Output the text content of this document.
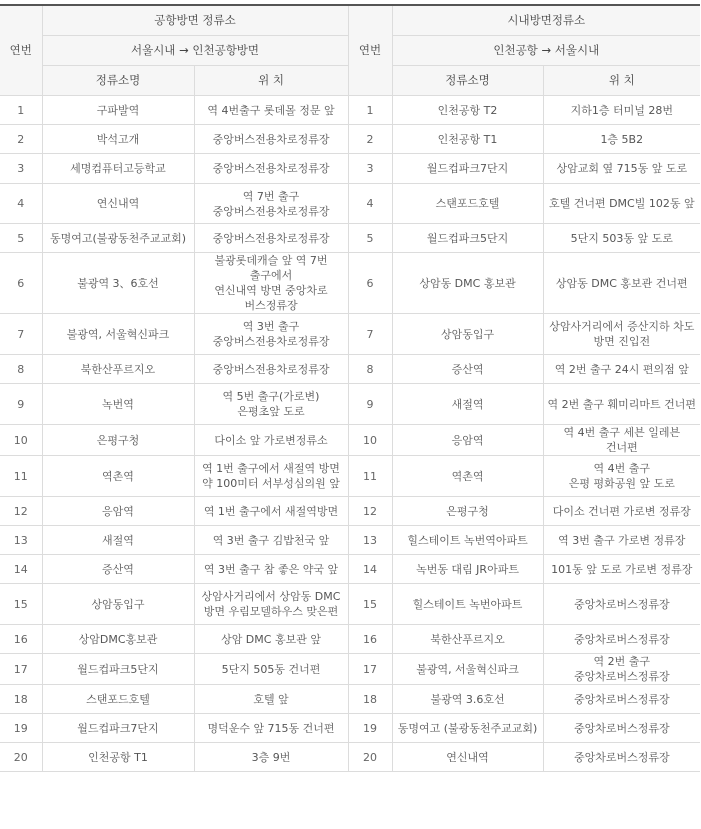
연번	공항방면 정류소		연번	시내방면정류소	
	서울시내 → 인천공항방면			인천공항 → 서울시내	
	정류소명	위 치		정류소명	위 치
1	구파발역	역 4번출구 롯데몰 정문 앞	1	인천공항 T2	지하1층 터미널 28번

2	박석고개	중앙버스전용차로정류장	2	인천공항 T1	1층 5B2

3	세명컴퓨터고등학교	중앙버스전용차로정류장	3	월드컵파크7단지	상암교회 옆 715동 앞 도로

4	연신내역	역 7번 출구
중앙버스전용차로정류장	4	스탠포드호텔	호텔 건너편 DMC빌 102동 앞

5	동명여고(불광동천주교교회)	중앙버스전용차로정류장	5	월드컵파크5단지	5단지 503동 앞 도로

6	불광역 3、6호선	불광롯데캐슬 앞 역 7번 출구에서
연신내역 방면 중앙차로
버스정류장	6	상암동 DMC 홍보관	상암동 DMC 홍보관 건너편

7	불광역, 서울혁신파크	역 3번 출구
중앙버스전용차로정류장	7	상암동입구	상암사거리에서 증산지하 차도
방면 진입전

8	북한산푸르지오	중앙버스전용차로정류장	8	증산역	역 2번 출구 24시 편의점 앞

9	녹번역	역 5번 출구(가로변)
은평초앞 도로	9	새절역	역 2번 출구 훼미리마트 건너편

10	은평구청	다이소 앞 가로변정류소	10	응암역	역 4번 출구 세븐 일레븐 건너편

11	역촌역	역 1번 출구에서 새절역 방면
약 100미터 서부성심의원 앞	11	역촌역	역 4번 출구
은평 평화공원 앞 도로

12	응암역	역 1번 출구에서 새절역방면	12	은평구청	다이소 건너편 가로변 정류장

13	새절역	역 3번 출구 김밥천국 앞	13	힐스테이트 녹번역아파트	역 3번 출구 가로변 정류장

14	증산역	역 3번 출구 참 좋은 약국 앞	14	녹번동 대림 JR아파트	101동 앞 도로 가로변 정류장

15	상암동입구	상암사거리에서 상암동 DMC
방면 우림모델하우스 맞은편	15	힐스테이트 녹번아파트	중앙차로버스정류장

16	상암DMC홍보관	상암 DMC 홍보관 앞	16	북한산푸르지오	중앙차로버스정류장

17	월드컵파크5단지	5단지 505동 건너편	17	불광역, 서울혁신파크	역 2번 출구 중앙차로버스정류장

18	스탠포드호텔	호텔 앞	18	불광역 3.6호선	중앙차로버스정류장

19	월드컵파크7단지	명덕운수 앞 715동 건너편	19	동명여고 (불광동천주교교회)	중앙차로버스정류장

20	인천공항 T1	3층 9번	20	연신내역	중앙차로버스정류장
